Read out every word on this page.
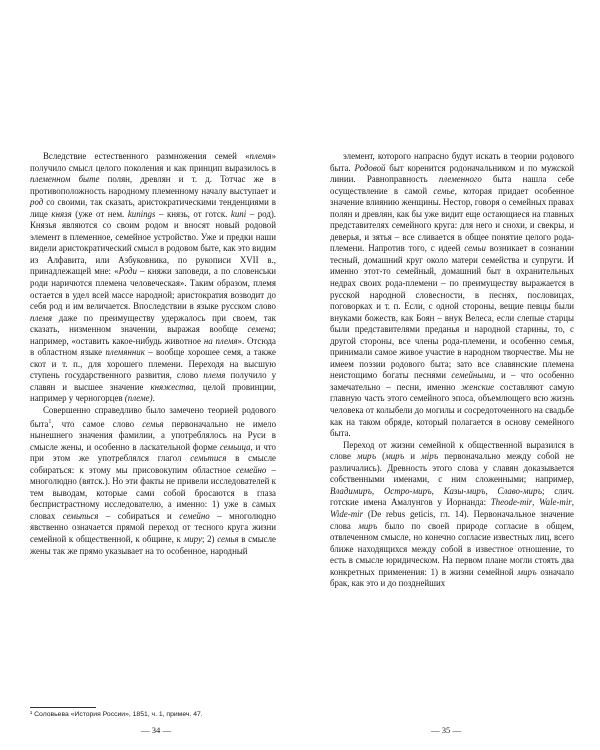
Вследствие естественного размножения семей «племя» получило смысл целого поколения и как принцип выразилось в племенном быте полян, древлян и т. д. Тотчас же в противоположность народному племенному началу выступает и род со своими, так сказать, аристократическими тенденциями в лице князя (уже от нем. kunings – князь, от готск. kuni – род). Князья являются со своим родом и вносят новый родовой элемент в племенное, семейное устройство. Уже и предки наши видели аристократический смысл в родовом быте, как это видим из Алфавита, или Азбуковника, по рукописи XVII в., принадлежащей мне: «Роди – княжи заповеди, а по словенськи роди наричются племена человеческая». Таким образом, племя остается в удел всей массе народной; аристократия возводит до себя род и им величается. Впоследствии в языке русском слово племя даже по преимуществу удержалось при своем, так сказать, низменном значении, выражая вообще семена; например, «оставить какое-нибудь животное на племя». Отсюда в областном языке племянник – вообще хорошее семя, а также скот и т. п., для хорошего племени. Переходя на высшую ступень государственного развития, слово племя получило у славян и высшее значение княжества, целой провинции, например у черногорцев (племе).

Совершенно справедливо было замечено теорией родового быта$^1$, что самое слово семья первоначально не имело нынешнего значения фамилии, а употреблялось на Руси в смысле жены, и особенно в ласкательной форме семьица, и что при этом же употреблялся глагол семьтися в смысле собираться: к этому мы присовокупим областное семейно – многолюдно (вятск.). Но эти факты не привели исследователей к тем выводам, которые сами собой бросаются в глаза беспристрастному исследователю, а именно: 1) уже в самых словах семьться – собираться и семейно – многолюдно явственно означается прямой переход от тесного круга жизни семейной к общественной, к общине, к миру; 2) семья в смысле жены так же прямо указывает на то особенное, народный

¹ Соловьева «История России», 1851, ч. 1, примеч. 47.

— 34 —

элемент, которого напрасно будут искать в теории родового быта. Родовой быт коренится родоначальником и по мужской линии. Равноправность племенного быта нашла себе осуществление в самой семье, которая придает особенное значение влиянию женщины. Нестор, говоря о семейных правах полян и древлян, как бы уже видит еще остающиеся на главных представителях семейного круга: для него и снохи, и свекры, и деверья, и зятья – все сливается в общее понятие целого рода-племени. Напротив того, с идеей семьи возникает в сознании тесный, домашний круг около матери семейства и супруги. И именно этот-то семейный, домашний быт в охранительных недрах своих рода-племени – по преимуществу выражается в русской народной словесности, в песнях, пословицах, поговорках и т. п. Если, с одной стороны, вещие певцы были внуками божеств, как Боян – внук Велеса, если слепые старцы были представителями преданья и народной старины, то, с другой стороны, все члены рода-племени, и особенно семья, принимали самое живое участие в народном творчестве. Мы не имеем поэзии родового быта; зато все славянские племена неистощимо богаты песнями семейными, и – что особенно замечательно – песни, именно женские составляют самую главную часть этого семейного эпоса, объемлющего всю жизнь человека от колыбели до могилы и сосредоточенного на свадьбе как на таком обряде, который полагается в основу семейного быта.

Переход от жизни семейной к общественной выразился в слове миръ (миръ и мiръ первоначально между собой не различались). Древность этого слова у славян доказывается собственными именами, с ним сложенными; например, Владимиръ, Остро-миръ, Казы-миръ, Славо-миръ; слич. готские имена Амалунгов у Иорнанда: Theode-mir, Wale-mir, Wide-mir (De rebus geticis, гл. 14). Первоначальное значение слова миръ было по своей природе согласие в общем, отвлеченном смысле, но конечно согласие известных лиц, всего ближе находящихся между собой в известное отношение, то есть в смысле юридическом. На первом плане могли стоять два конкретных применения: 1) в жизни семейной миръ означало брак, как это и до позднейших

— 35 —
